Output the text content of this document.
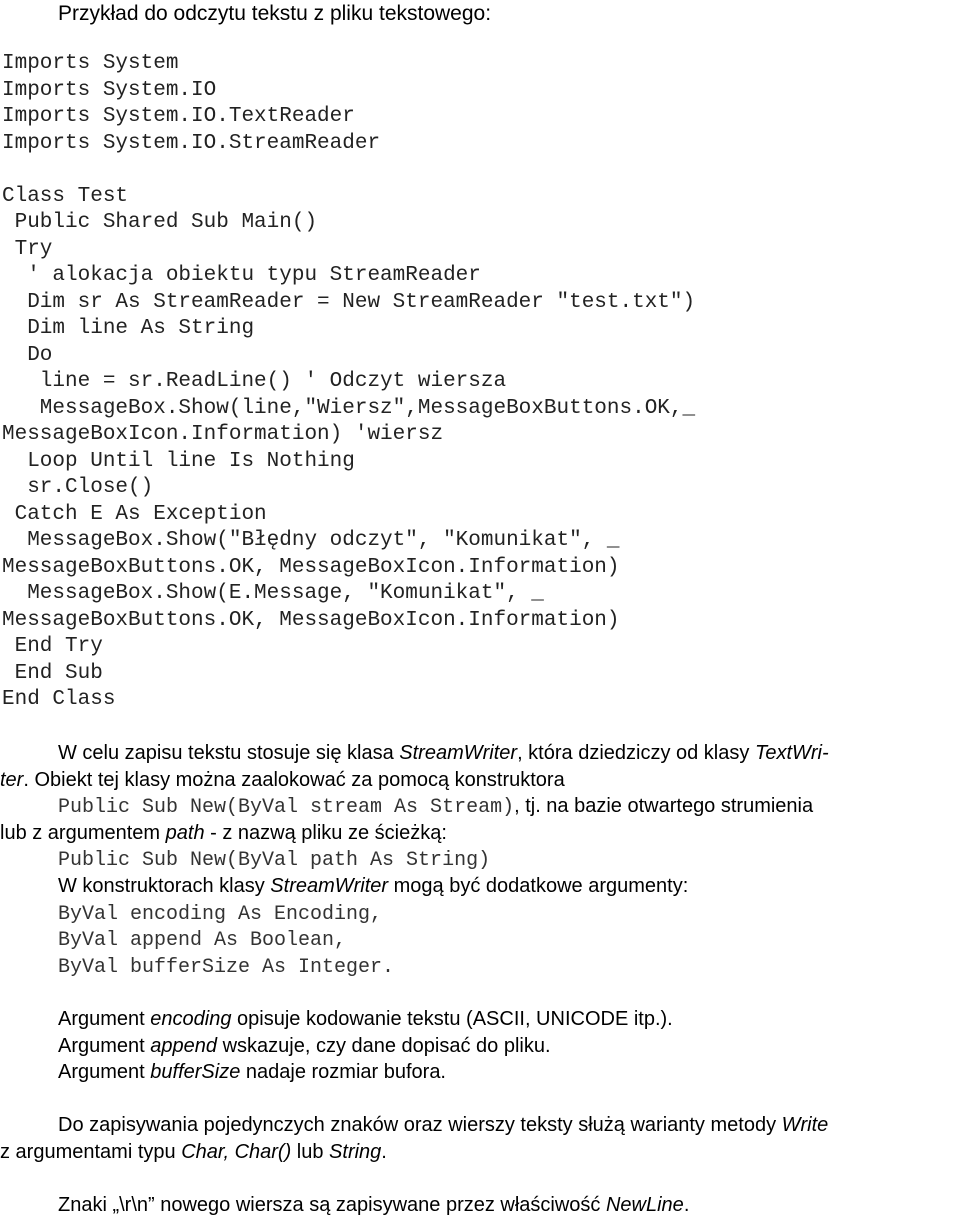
Przykład do odczytu tekstu z pliku tekstowego:
Imports System
Imports System.IO
Imports System.IO.TextReader
Imports System.IO.StreamReader
Class Test
Public Shared Sub Main()
Try
' alokacja obiektu typu StreamReader
Dim sr As StreamReader = New StreamReader "test.txt")
Dim line As String
Do
line = sr.ReadLine() ' Odczyt wiersza
MessageBox.Show(line,"Wiersz",MessageBoxButtons.OK,_
MessageBoxIcon.Information) 'wiersz
Loop Until line Is Nothing
sr.Close()
Catch E As Exception
MessageBox.Show("Błędny odczyt", "Komunikat", _
MessageBoxButtons.OK, MessageBoxIcon.Information)
MessageBox.Show(E.Message, "Komunikat", _
MessageBoxButtons.OK, MessageBoxIcon.Information)
End Try
End Sub
End Class
W celu zapisu tekstu stosuje się klasa StreamWriter, która dziedziczy od klasy TextWri-
ter. Obiekt tej klasy można zaalokować za pomocą konstruktora
Public Sub New(ByVal stream As Stream), tj. na bazie otwartego strumienia
lub z argumentem path - z nazwą pliku ze ścieżką:
Public Sub New(ByVal path As String)
W konstruktorach klasy StreamWriter mogą być dodatkowe argumenty:
ByVal encoding As Encoding,
ByVal append As Boolean,
ByVal bufferSize As Integer.
Argument encoding opisuje kodowanie tekstu (ASCII, UNICODE itp.).
Argument append wskazuje, czy dane dopisać do pliku.
Argument bufferSize nadaje rozmiar bufora.
Do zapisywania pojedynczych znaków oraz wierszy teksty służą warianty metody Write
z argumentami typu Char, Char() lub String.
Znaki „\r\n” nowego wiersza są zapisywane przez właściwość NewLine.
